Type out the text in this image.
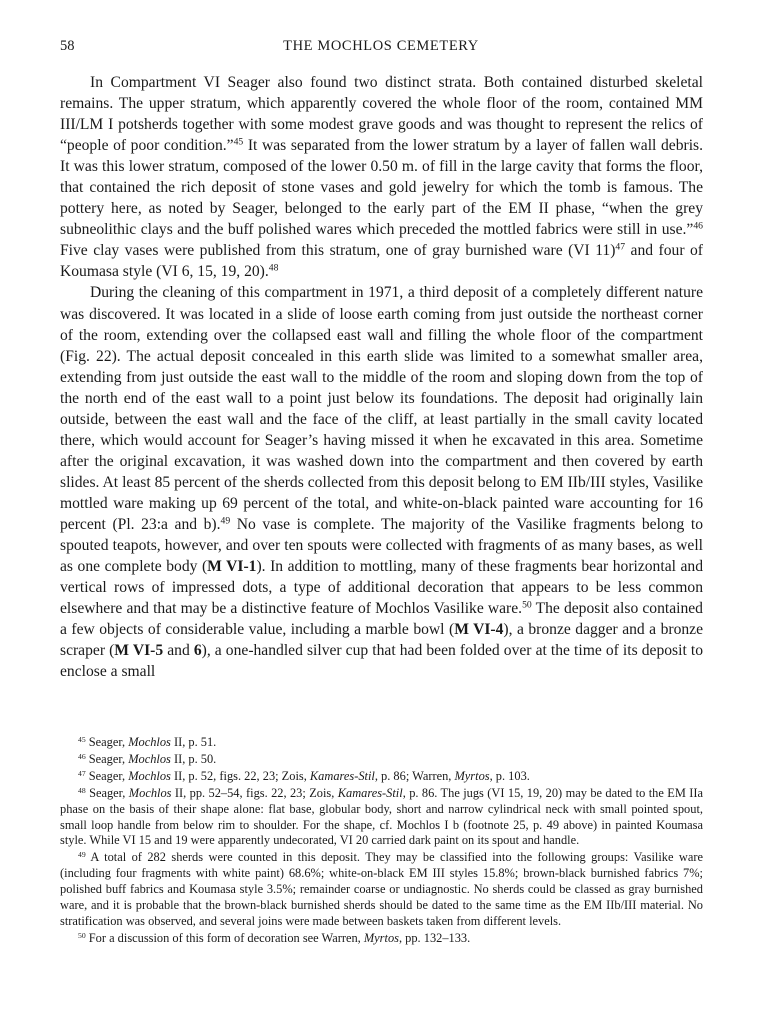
58	THE MOCHLOS CEMETERY

In Compartment VI Seager also found two distinct strata. Both contained disturbed skeletal remains. The upper stratum, which apparently covered the whole floor of the room, contained MM III/LM I potsherds together with some modest grave goods and was thought to represent the relics of “people of poor condition.”$^{45}$ It was separated from the lower stratum by a layer of fallen wall debris. It was this lower stratum, composed of the lower 0.50 m. of fill in the large cavity that forms the floor, that contained the rich deposit of stone vases and gold jewelry for which the tomb is famous. The pottery here, as noted by Seager, belonged to the early part of the EM II phase, “when the grey subneolithic clays and the buff polished wares which preceded the mottled fabrics were still in use.”$^{46}$ Five clay vases were published from this stratum, one of gray burnished ware (VI 11)$^{47}$ and four of Koumasa style (VI 6, 15, 19, 20).$^{48}$

During the cleaning of this compartment in 1971, a third deposit of a completely different nature was discovered. It was located in a slide of loose earth coming from just outside the northeast corner of the room, extending over the collapsed east wall and filling the whole floor of the compartment (Fig. 22). The actual deposit concealed in this earth slide was limited to a somewhat smaller area, extending from just outside the east wall to the middle of the room and sloping down from the top of the north end of the east wall to a point just below its foundations. The deposit had originally lain outside, between the east wall and the face of the cliff, at least partially in the small cavity located there, which would account for Seager’s having missed it when he excavated in this area. Sometime after the original excavation, it was washed down into the compartment and then covered by earth slides. At least 85 percent of the sherds collected from this deposit belong to EM IIb/III styles, Vasilike mottled ware making up 69 percent of the total, and white-on-black painted ware accounting for 16 percent (Pl. 23:a and b).$^{49}$ No vase is complete. The majority of the Vasilike fragments belong to spouted teapots, however, and over ten spouts were collected with fragments of as many bases, as well as one complete body (M VI-1). In addition to mottling, many of these fragments bear horizontal and vertical rows of impressed dots, a type of additional decoration that appears to be less common elsewhere and that may be a distinctive feature of Mochlos Vasilike ware.$^{50}$ The deposit also contained a few objects of considerable value, including a marble bowl (M VI-4), a bronze dagger and a bronze scraper (M VI-5 and 6), a one-handled silver cup that had been folded over at the time of its deposit to enclose a small

$^{45}$ Seager, Mochlos II, p. 51.

$^{46}$ Seager, Mochlos II, p. 50.

$^{47}$ Seager, Mochlos II, p. 52, figs. 22, 23; Zois, Kamares-Stil, p. 86; Warren, Myrtos, p. 103.

$^{48}$ Seager, Mochlos II, pp. 52–54, figs. 22, 23; Zois, Kamares-Stil, p. 86. The jugs (VI 15, 19, 20) may be dated to the EM IIa phase on the basis of their shape alone: flat base, globular body, short and narrow cylindrical neck with small pointed spout, small loop handle from below rim to shoulder. For the shape, cf. Mochlos I b (footnote 25, p. 49 above) in painted Koumasa style. While VI 15 and 19 were apparently undecorated, VI 20 carried dark paint on its spout and handle.

$^{49}$ A total of 282 sherds were counted in this deposit. They may be classified into the following groups: Vasilike ware (including four fragments with white paint) 68.6%; white-on-black EM III styles 15.8%; brown-black burnished fabrics 7%; polished buff fabrics and Koumasa style 3.5%; remainder coarse or undiagnostic. No sherds could be classed as gray burnished ware, and it is probable that the brown-black burnished sherds should be dated to the same time as the EM IIb/III material. No stratification was observed, and several joins were made between baskets taken from different levels.

$^{50}$ For a discussion of this form of decoration see Warren, Myrtos, pp. 132–133.
